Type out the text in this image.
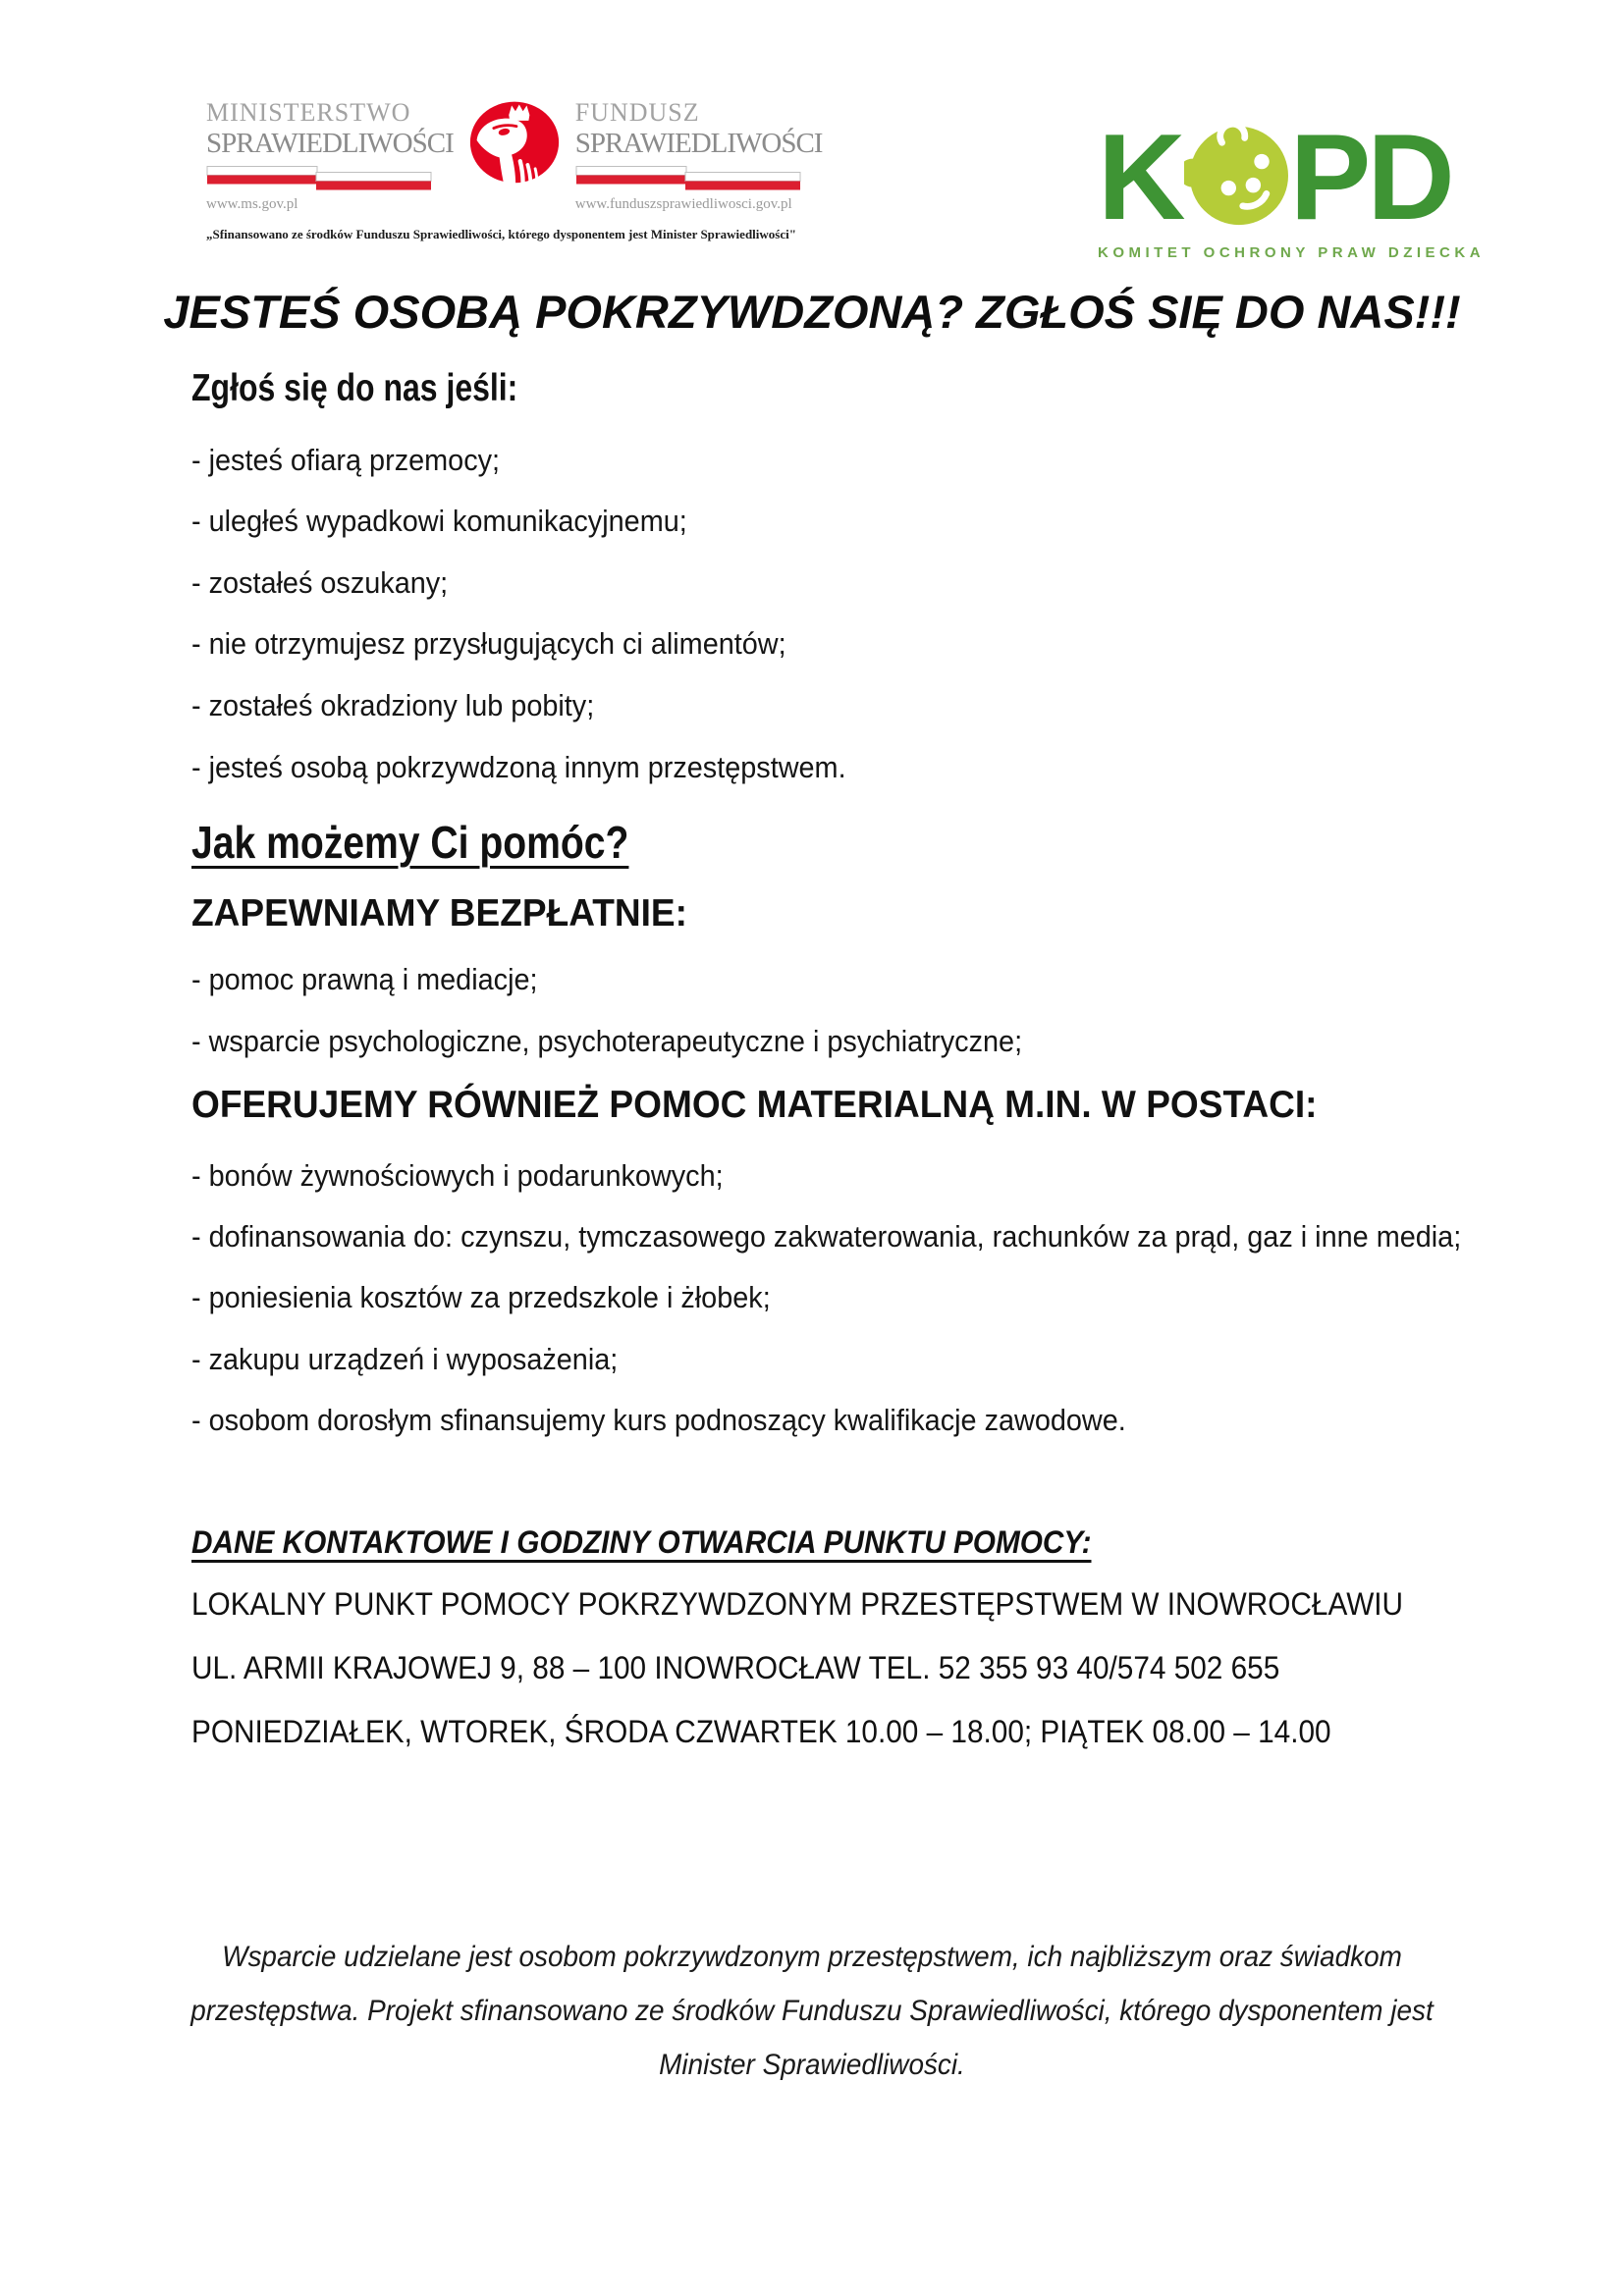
MINISTERSTWO
SPRAWIEDLIWOŚCI
www.ms.gov.pl
FUNDUSZ
SPRAWIEDLIWOŚCI
www.funduszsprawiedliwosci.gov.pl
„Sfinansowano ze środków Funduszu Sprawiedliwości, którego dysponentem jest Minister Sprawiedliwości" K PD
KOMITET OCHRONY PRAW DZIECKA
JESTEŚ OSOBĄ POKRZYWDZONĄ? ZGŁOŚ SIĘ DO NAS!!!
Zgłoś się do nas jeśli:

- jesteś ofiarą przemocy;

- uległeś wypadkowi komunikacyjnemu;

- zostałeś oszukany;

- nie otrzymujesz przysługujących ci alimentów;

- zostałeś okradziony lub pobity;

- jesteś osobą pokrzywdzoną innym przestępstwem.

Jak możemy Ci pomóc?
ZAPEWNIAMY BEZPŁATNIE:

- pomoc prawną i mediacje;

- wsparcie psychologiczne, psychoterapeutyczne i psychiatryczne;

OFERUJEMY RÓWNIEŻ POMOC MATERIALNĄ M.IN. W POSTACI:

- bonów żywnościowych i podarunkowych;

- dofinansowania do: czynszu, tymczasowego zakwaterowania, rachunków za prąd, gaz i inne media;

- poniesienia kosztów za przedszkole i żłobek;

- zakupu urządzeń i wyposażenia;

- osobom dorosłym sfinansujemy kurs podnoszący kwalifikacje zawodowe.

DANE KONTAKTOWE I GODZINY OTWARCIA PUNKTU POMOCY:

LOKALNY PUNKT POMOCY POKRZYWDZONYM PRZESTĘPSTWEM W INOWROCŁAWIU

UL. ARMII KRAJOWEJ 9, 88 – 100 INOWROCŁAW TEL. 52 355 93 40/574 502 655

PONIEDZIAŁEK, WTOREK, ŚRODA CZWARTEK 10.00 – 18.00; PIĄTEK 08.00 – 14.00

Wsparcie udzielane jest osobom pokrzywdzonym przestępstwem, ich najbliższym oraz świadkom

przestępstwa. Projekt sfinansowano ze środków Funduszu Sprawiedliwości, którego dysponentem jest

Minister Sprawiedliwości.
